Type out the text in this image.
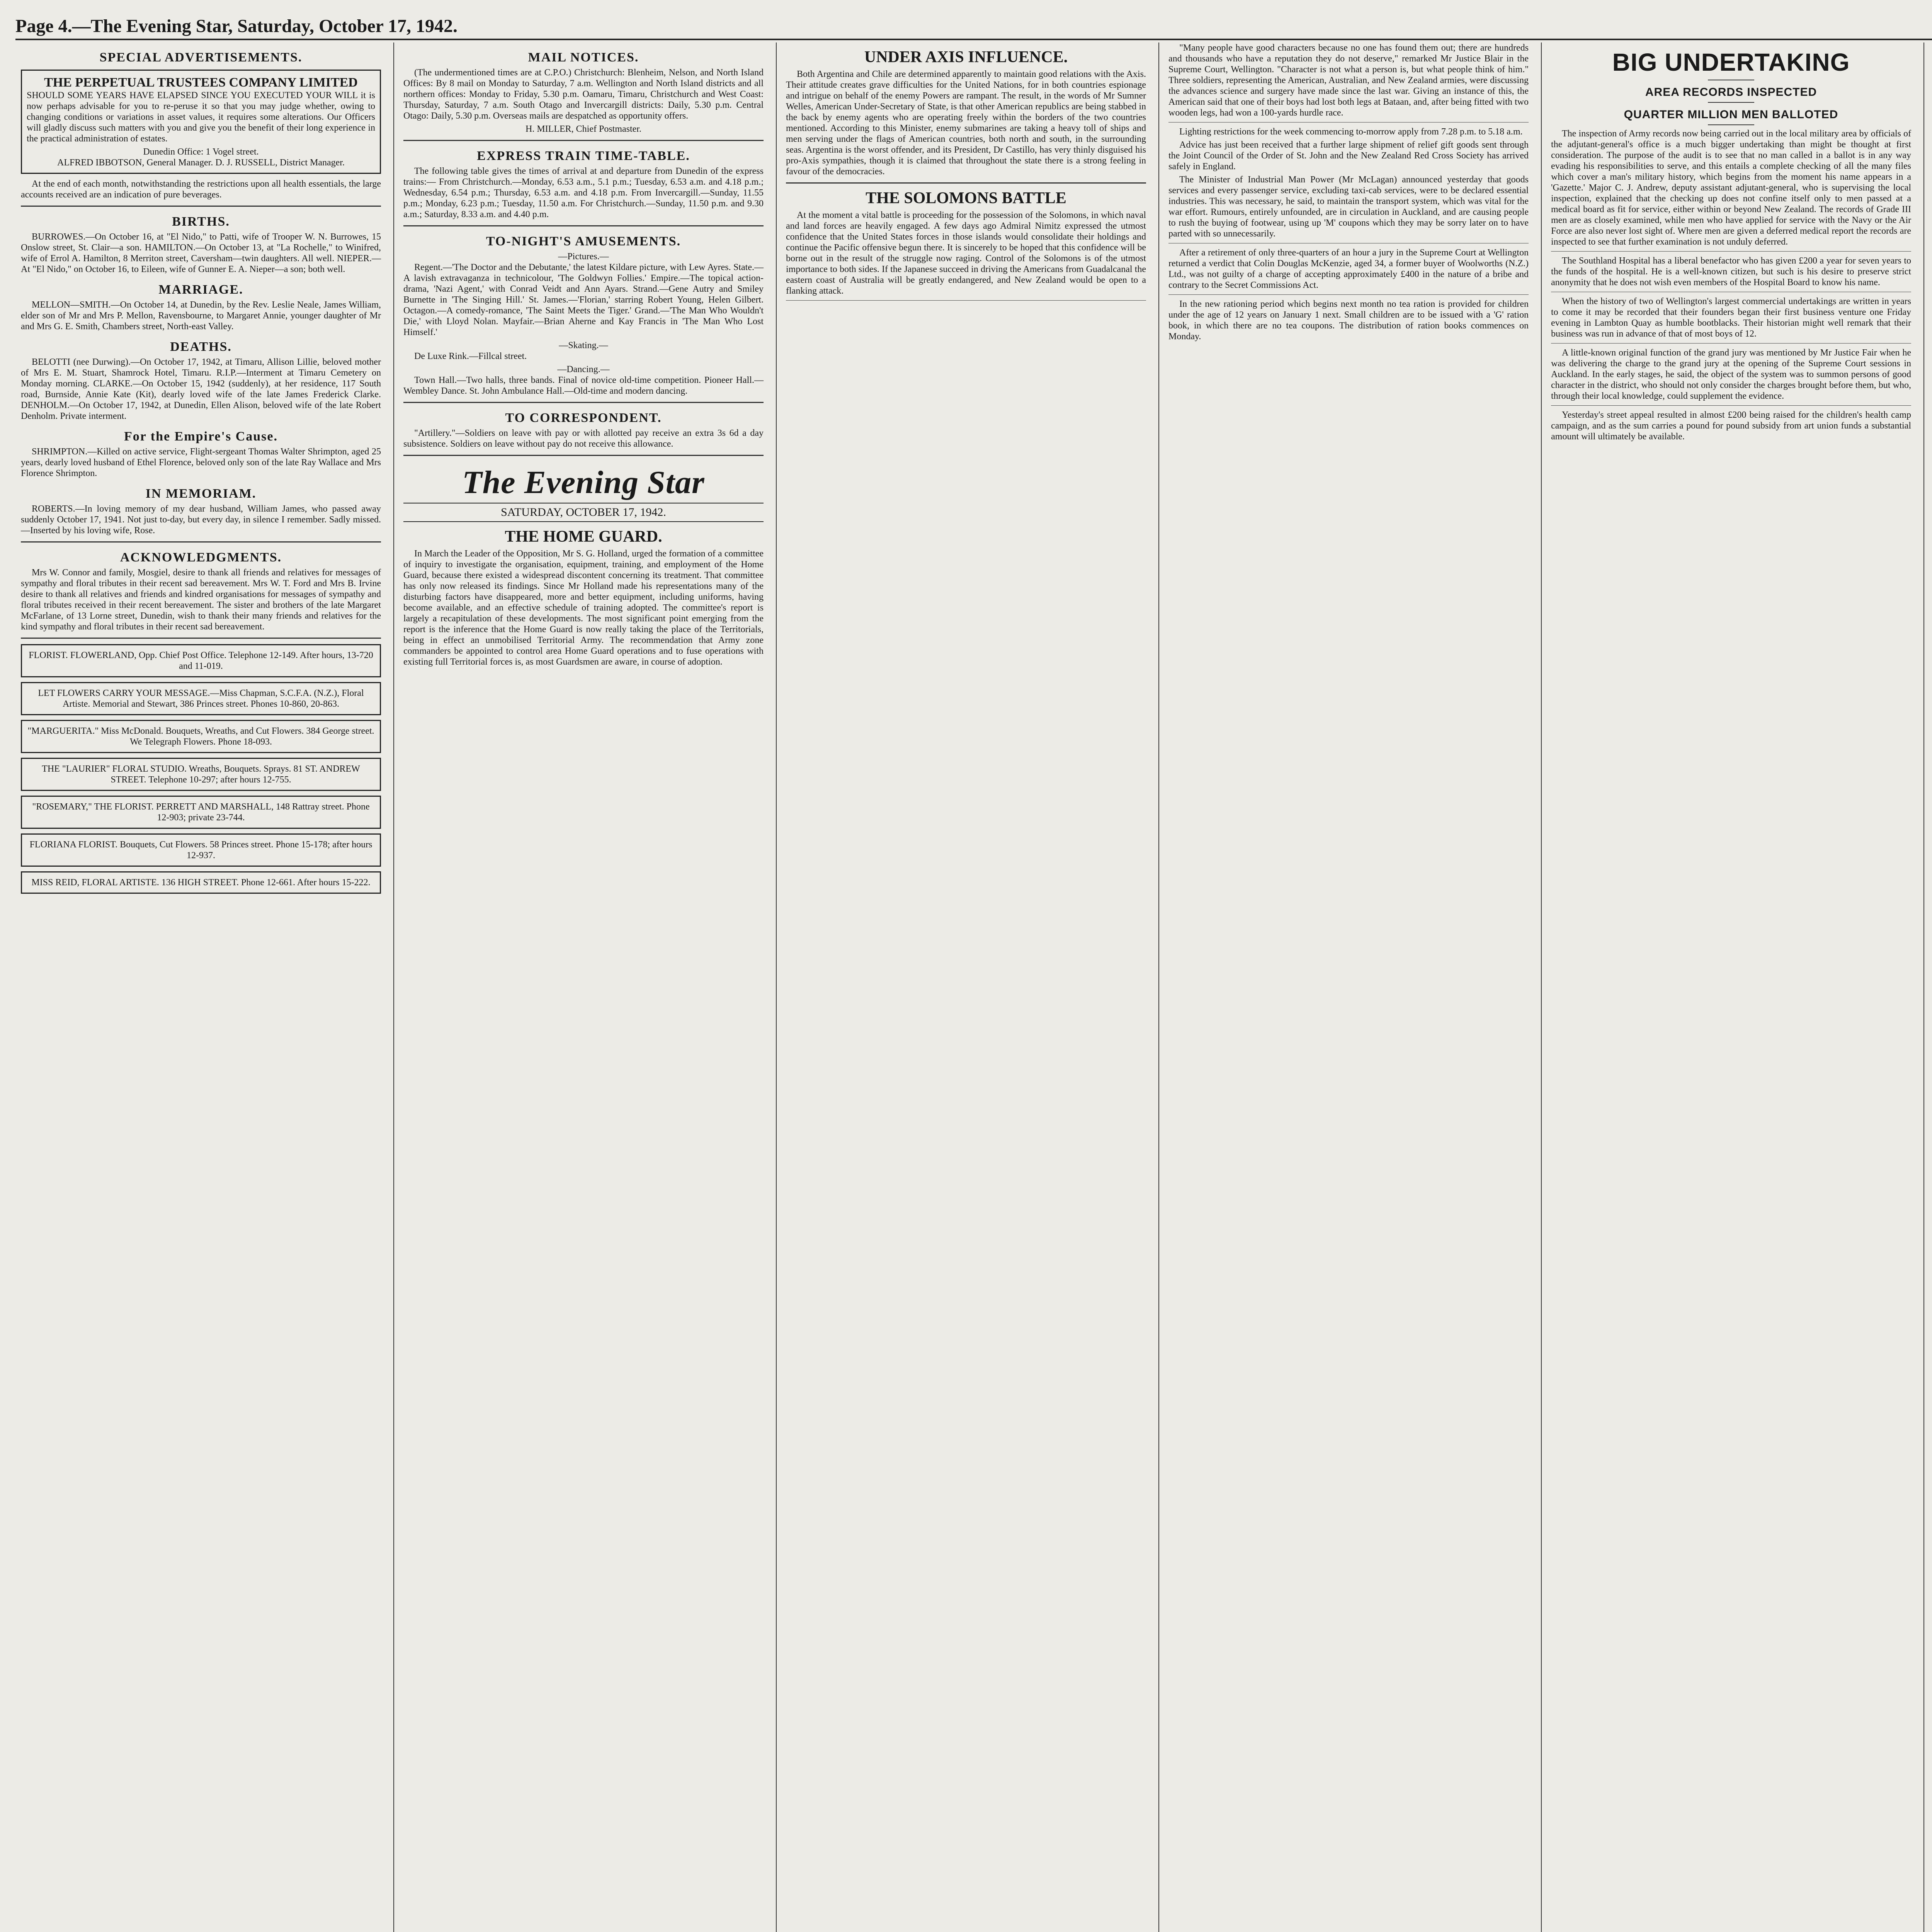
Page 4.—The Evening Star, Saturday, October 17, 1942.
SPECIAL ADVERTISEMENTS.
THE PERPETUAL TRUSTEES COMPANY LIMITED

SHOULD SOME YEARS HAVE ELAPSED SINCE YOU EXECUTED YOUR WILL it is now perhaps advisable for you to re-peruse it so that you may judge whether, owing to changing conditions or variations in asset values, it requires some alterations. Our Officers will gladly discuss such matters with you and give you the benefit of their long experience in the practical administration of estates.

Dunedin Office: 1 Vogel street.
ALFRED IBBOTSON, General Manager. D. J. RUSSELL, District Manager.

At the end of each month, notwithstanding the restrictions upon all health essentials, the large accounts received are an indication of pure beverages.

BIRTHS.

BURROWES.—On October 16, at "El Nido," to Patti, wife of Trooper W. N. Burrowes, 15 Onslow street, St. Clair—a son. HAMILTON.—On October 13, at "La Rochelle," to Winifred, wife of Errol A. Hamilton, 8 Merriton street, Caversham—twin daughters. All well. NIEPER.—At "El Nido," on October 16, to Eileen, wife of Gunner E. A. Nieper—a son; both well.

MARRIAGE.

MELLON—SMITH.—On October 14, at Dunedin, by the Rev. Leslie Neale, James William, elder son of Mr and Mrs P. Mellon, Ravensbourne, to Margaret Annie, younger daughter of Mr and Mrs G. E. Smith, Chambers street, North-east Valley.

DEATHS.

BELOTTI (nee Durwing).—On October 17, 1942, at Timaru, Allison Lillie, beloved mother of Mrs E. M. Stuart, Shamrock Hotel, Timaru. R.I.P.—Interment at Timaru Cemetery on Monday morning. CLARKE.—On October 15, 1942 (suddenly), at her residence, 117 South road, Burnside, Annie Kate (Kit), dearly loved wife of the late James Frederick Clarke. DENHOLM.—On October 17, 1942, at Dunedin, Ellen Alison, beloved wife of the late Robert Denholm. Private interment.

For the Empire's Cause.

SHRIMPTON.—Killed on active service, Flight-sergeant Thomas Walter Shrimpton, aged 25 years, dearly loved husband of Ethel Florence, beloved only son of the late Ray Wallace and Mrs Florence Shrimpton.

IN MEMORIAM.

ROBERTS.—In loving memory of my dear husband, William James, who passed away suddenly October 17, 1941. Not just to-day, but every day, in silence I remember. Sadly missed. —Inserted by his loving wife, Rose.

ACKNOWLEDGMENTS.

Mrs W. Connor and family, Mosgiel, desire to thank all friends and relatives for messages of sympathy and floral tributes in their recent sad bereavement. Mrs W. T. Ford and Mrs B. Irvine desire to thank all relatives and friends and kindred organisations for messages of sympathy and floral tributes received in their recent bereavement. The sister and brothers of the late Margaret McFarlane, of 13 Lorne street, Dunedin, wish to thank their many friends and relatives for the kind sympathy and floral tributes in their recent sad bereavement.

FLORIST. FLOWERLAND, Opp. Chief Post Office. Telephone 12-149. After hours, 13-720 and 11-019.
LET FLOWERS CARRY YOUR MESSAGE.—Miss Chapman, S.C.F.A. (N.Z.), Floral Artiste. Memorial and Stewart, 386 Princes street. Phones 10-860, 20-863.
"MARGUERITA." Miss McDonald. Bouquets, Wreaths, and Cut Flowers. 384 George street. We Telegraph Flowers. Phone 18-093.
THE "LAURIER" FLORAL STUDIO. Wreaths, Bouquets. Sprays. 81 ST. ANDREW STREET. Telephone 10-297; after hours 12-755.
"ROSEMARY," THE FLORIST. PERRETT AND MARSHALL, 148 Rattray street. Phone 12-903; private 23-744.
FLORIANA FLORIST. Bouquets, Cut Flowers. 58 Princes street. Phone 15-178; after hours 12-937.
MISS REID, FLORAL ARTISTE. 136 HIGH STREET. Phone 12-661. After hours 15-222.
MAIL NOTICES.

(The undermentioned times are at C.P.O.) Christchurch: Blenheim, Nelson, and North Island Offices: By 8 mail on Monday to Saturday, 7 a.m. Wellington and North Island districts and all northern offices: Monday to Friday, 5.30 p.m. Oamaru, Timaru, Christchurch and West Coast: Thursday, Saturday, 7 a.m. South Otago and Invercargill districts: Daily, 5.30 p.m. Central Otago: Daily, 5.30 p.m. Overseas mails are despatched as opportunity offers.

H. MILLER, Chief Postmaster.
EXPRESS TRAIN TIME-TABLE.

The following table gives the times of arrival at and departure from Dunedin of the express trains:— From Christchurch.—Monday, 6.53 a.m., 5.1 p.m.; Tuesday, 6.53 a.m. and 4.18 p.m.; Wednesday, 6.54 p.m.; Thursday, 6.53 a.m. and 4.18 p.m. From Invercargill.—Sunday, 11.55 p.m.; Monday, 6.23 p.m.; Tuesday, 11.50 a.m. For Christchurch.—Sunday, 11.50 p.m. and 9.30 a.m.; Saturday, 8.33 a.m. and 4.40 p.m.

TO-NIGHT'S AMUSEMENTS.
—Pictures.—

Regent.—'The Doctor and the Debutante,' the latest Kildare picture, with Lew Ayres. State.—A lavish extravaganza in technicolour, 'The Goldwyn Follies.' Empire.—The topical action-drama, 'Nazi Agent,' with Conrad Veidt and Ann Ayars. Strand.—Gene Autry and Smiley Burnette in 'The Singing Hill.' St. James.—'Florian,' starring Robert Young, Helen Gilbert. Octagon.—A comedy-romance, 'The Saint Meets the Tiger.' Grand.—'The Man Who Wouldn't Die,' with Lloyd Nolan. Mayfair.—Brian Aherne and Kay Francis in 'The Man Who Lost Himself.'

—Skating.—

De Luxe Rink.—Fillcal street.

—Dancing.—

Town Hall.—Two halls, three bands. Final of novice old-time competition. Pioneer Hall.—Wembley Dance. St. John Ambulance Hall.—Old-time and modern dancing.

TO CORRESPONDENT.

"Artillery."—Soldiers on leave with pay or with allotted pay receive an extra 3s 6d a day subsistence. Soldiers on leave without pay do not receive this allowance.

The Evening Star
SATURDAY, OCTOBER 17, 1942.
THE HOME GUARD.

In March the Leader of the Opposition, Mr S. G. Holland, urged the formation of a committee of inquiry to investigate the organisation, equipment, training, and employment of the Home Guard, because there existed a widespread discontent concerning its treatment. That committee has only now released its findings. Since Mr Holland made his representations many of the disturbing factors have disappeared, more and better equipment, including uniforms, having become available, and an effective schedule of training adopted. The committee's report is largely a recapitulation of these developments. The most significant point emerging from the report is the inference that the Home Guard is now really taking the place of the Territorials, being in effect an unmobilised Territorial Army. The recommendation that Army zone commanders be appointed to control area Home Guard operations and to fuse operations with existing full Territorial forces is, as most Guardsmen are aware, in course of adoption.

UNDER AXIS INFLUENCE.

Both Argentina and Chile are determined apparently to maintain good relations with the Axis. Their attitude creates grave difficulties for the United Nations, for in both countries espionage and intrigue on behalf of the enemy Powers are rampant. The result, in the words of Mr Sumner Welles, American Under-Secretary of State, is that other American republics are being stabbed in the back by enemy agents who are operating freely within the borders of the two countries mentioned. According to this Minister, enemy submarines are taking a heavy toll of ships and men serving under the flags of American countries, both north and south, in the surrounding seas. Argentina is the worst offender, and its President, Dr Castillo, has very thinly disguised his pro-Axis sympathies, though it is claimed that throughout the state there is a strong feeling in favour of the democracies.

THE SOLOMONS BATTLE

At the moment a vital battle is proceeding for the possession of the Solomons, in which naval and land forces are heavily engaged. A few days ago Admiral Nimitz expressed the utmost confidence that the United States forces in those islands would consolidate their holdings and continue the Pacific offensive begun there. It is sincerely to be hoped that this confidence will be borne out in the result of the struggle now raging. Control of the Solomons is of the utmost importance to both sides. If the Japanese succeed in driving the Americans from Guadalcanal the eastern coast of Australia will be greatly endangered, and New Zealand would be open to a flanking attack.

"Many people have good characters because no one has found them out; there are hundreds and thousands who have a reputation they do not deserve," remarked Mr Justice Blair in the Supreme Court, Wellington. "Character is not what a person is, but what people think of him." Three soldiers, representing the American, Australian, and New Zealand armies, were discussing the advances science and surgery have made since the last war. Giving an instance of this, the American said that one of their boys had lost both legs at Bataan, and, after being fitted with two wooden legs, had won a 100-yards hurdle race.

Lighting restrictions for the week commencing to-morrow apply from 7.28 p.m. to 5.18 a.m.

Advice has just been received that a further large shipment of relief gift goods sent through the Joint Council of the Order of St. John and the New Zealand Red Cross Society has arrived safely in England.

The Minister of Industrial Man Power (Mr McLagan) announced yesterday that goods services and every passenger service, excluding taxi-cab services, were to be declared essential industries. This was necessary, he said, to maintain the transport system, which was vital for the war effort. Rumours, entirely unfounded, are in circulation in Auckland, and are causing people to rush the buying of footwear, using up 'M' coupons which they may be sorry later on to have parted with so unnecessarily.

After a retirement of only three-quarters of an hour a jury in the Supreme Court at Wellington returned a verdict that Colin Douglas McKenzie, aged 34, a former buyer of Woolworths (N.Z.) Ltd., was not guilty of a charge of accepting approximately £400 in the nature of a bribe and contrary to the Secret Commissions Act.

In the new rationing period which begins next month no tea ration is provided for children under the age of 12 years on January 1 next. Small children are to be issued with a 'G' ration book, in which there are no tea coupons. The distribution of ration books commences on Monday.

BIG UNDERTAKING
AREA RECORDS INSPECTED
QUARTER MILLION MEN BALLOTED

The inspection of Army records now being carried out in the local military area by officials of the adjutant-general's office is a much bigger undertaking than might be thought at first consideration. The purpose of the audit is to see that no man called in a ballot is in any way evading his responsibilities to serve, and this entails a complete checking of all the many files which cover a man's military history, which begins from the moment his name appears in a 'Gazette.' Major C. J. Andrew, deputy assistant adjutant-general, who is supervising the local inspection, explained that the checking up does not confine itself only to men passed at a medical board as fit for service, either within or beyond New Zealand. The records of Grade III men are as closely examined, while men who have applied for service with the Navy or the Air Force are also never lost sight of. Where men are given a deferred medical report the records are inspected to see that further examination is not unduly deferred.

The Southland Hospital has a liberal benefactor who has given £200 a year for seven years to the funds of the hospital. He is a well-known citizen, but such is his desire to preserve strict anonymity that he does not wish even members of the Hospital Board to know his name.

When the history of two of Wellington's largest commercial undertakings are written in years to come it may be recorded that their founders began their first business venture one Friday evening in Lambton Quay as humble bootblacks. Their historian might well remark that their business was run in advance of that of most boys of 12.

A little-known original function of the grand jury was mentioned by Mr Justice Fair when he was delivering the charge to the grand jury at the opening of the Supreme Court sessions in Auckland. In the early stages, he said, the object of the system was to summon persons of good character in the district, who should not only consider the charges brought before them, but who, through their local knowledge, could supplement the evidence.

Yesterday's street appeal resulted in almost £200 being raised for the children's health camp campaign, and as the sum carries a pound for pound subsidy from art union funds a substantial amount will ultimately be available.
